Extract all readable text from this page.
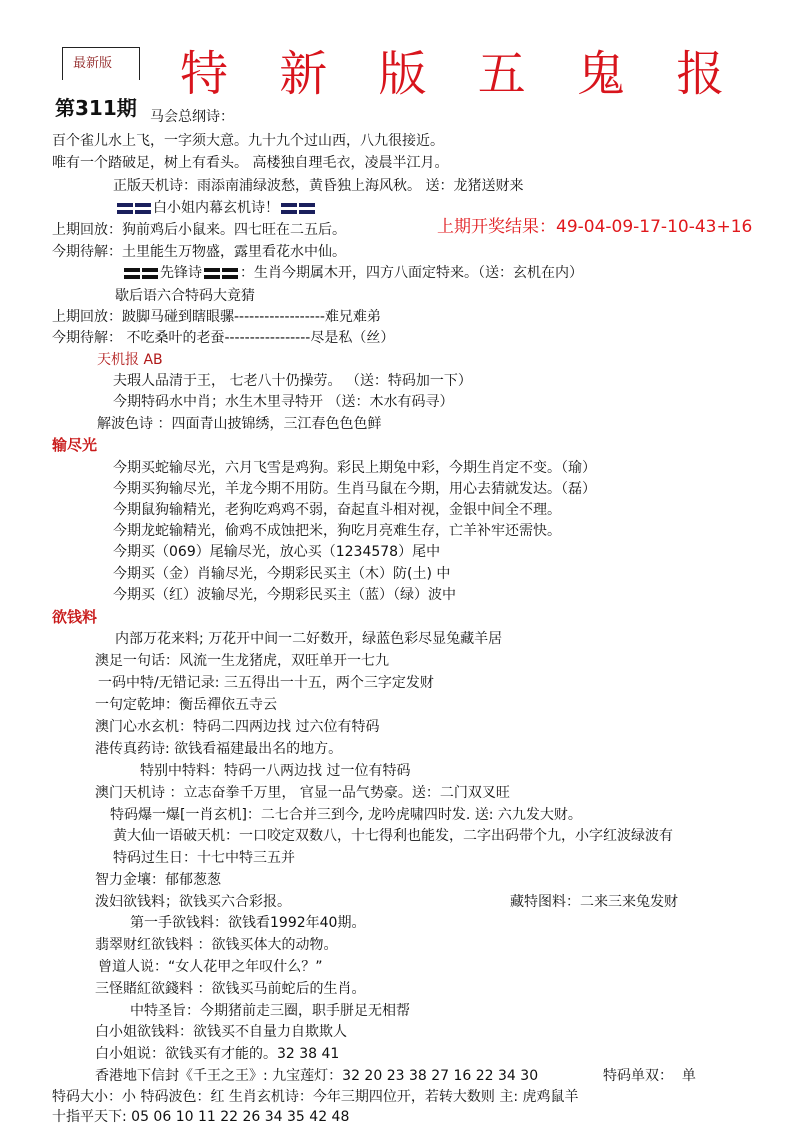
最新版 特 新 版 五 鬼 报
第311期 马会总纲诗：
百个雀儿水上飞，一字须大意。九十九个过山西，八九很接近。
唯有一个踏破足，树上有看头。 高楼独自理毛衣，凌晨半江月。
正版天机诗：雨添南浦绿波愁，黄昏独上海风秋。 送：龙猪送财来
白小姐内幕玄机诗！
上期回放：狗前鸡后小鼠来。四七旺在二五后。	上期开奖结果：49-04-09-17-10-43+16
今期待解：土里能生万物盛，露里看花水中仙。
先锋诗	：生肖今期属木开，四方八面定特来。（送：玄机在内）
歇后语六合特码大竟猜
上期回放：跛脚马碰到瞎眼骡------------------难兄难弟
今期待解： 不吃桑叶的老蚕-----------------尽是私（丝）
天机报 AB
夫瑕人品清于王， 七老八十仍操劳。 （送：特码加一下）
今期特码水中肖；水生木里寻特开 （送：木水有码寻）
解波色诗 ：四面青山披锦绣，三江春色色色鲜
输尽光
今期买蛇输尽光，六月飞雪是鸡狗。彩民上期兔中彩，今期生肖定不变。（瑜）
今期买狗输尽光，羊龙今期不用防。生肖马鼠在今期，用心去猜就发达。（磊）
今期鼠狗输精光，老狗吃鸡鸡不弱，奋起直斗相对视，金银中间全不理。
今期龙蛇输精光，偷鸡不成蚀把米，狗吃月亮难生存，亡羊补牢还需快。
今期买（069）尾输尽光，放心买（1234578）尾中
今期买（金）肖输尽光，今期彩民买主（木）防(土) 中
今期买（红）波输尽光，今期彩民买主（蓝）（绿）波中
欲钱料
内部万花来料; 万花开中间一二好数开，绿蓝色彩尽显兔藏羊居
澳足一句话：风流一生龙猪虎，双旺单开一七九
一码中特/无错记录: 三五得出一十五，两个三字定发财
一句定乾坤：衡岳禪依五寺云
澳门心水玄机：特码二四两边找 过六位有特码
港传真药诗: 欲钱看福建最出名的地方。
特别中特料：特码一八两边找 过一位有特码
澳门天机诗 ：立志奋拳千万里， 官显一品气势豪。送：二门双叉旺
特码爆一爆[一肖玄机]：二七合并三到今, 龙吟虎啸四时发. 送: 六九发大财。
黄大仙一语破天机：一口咬定双数八，十七得利也能发，二字出码带个九，小字红波绿波有
特码过生日：十七中特三五并
智力金壤：郁郁葱葱
泼妇欲钱料；欲钱买六合彩报。
第一手欲钱料：欲钱看1992年40期。
翡翠财红欲钱料 ：欲钱买体大的动物。
曾道人说：“女人花甲之年叹什么？”
三怪賭紅欲錢料 ：欲钱买马前蛇后的生肖。
中特圣旨：今期猪前走三圈，职手胼足无相帮
白小姐欲钱料：欲钱买不自量力自欺欺人
白小姐说：欲钱买有才能的。32 38 41
藏特图料：二来三来兔发财
香港地下信封《千王之王》: 九宝莲灯：32 20 23 38 27 16 22 34 30	特码单双： 单
特码大小：小 特码波色：红 生肖玄机诗：今年三期四位开，若转大数则 主: 虎鸡鼠羊
十指平天下: 05 06 10 11 22 26 34 35 42 48
